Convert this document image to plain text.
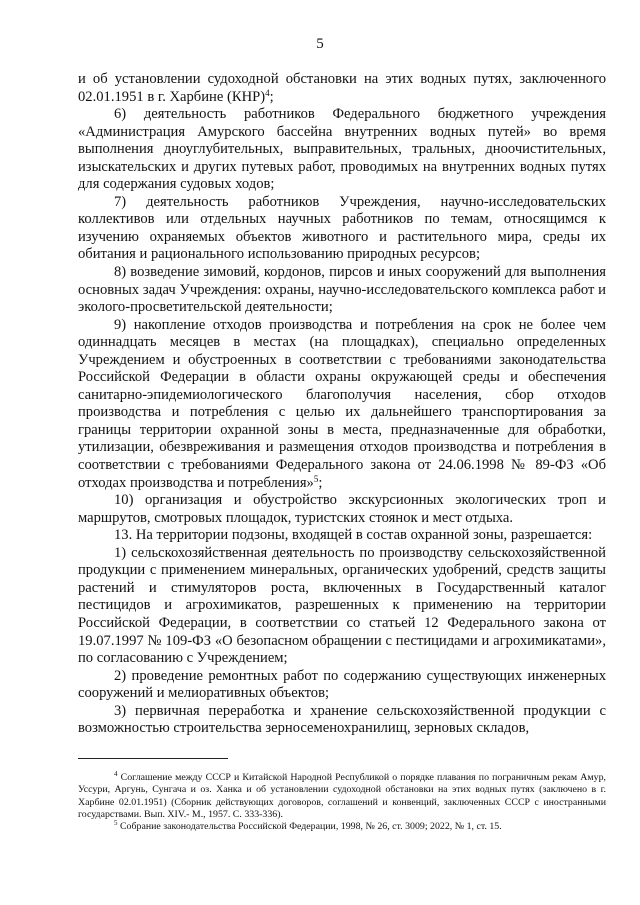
5

и об установлении судоходной обстановки на этих водных путях, заключенного 02.01.1951 в г. Харбине (КНР)$^4$;

6) деятельность работников Федерального бюджетного учреждения «Администрация Амурского бассейна внутренних водных путей» во время выполнения дноуглубительных, выправительных, тральных, дноочистительных, изыскательских и других путевых работ, проводимых на внутренних водных путях для содержания судовых ходов;

7) деятельность работников Учреждения, научно-исследовательских коллективов или отдельных научных работников по темам, относящимся к изучению охраняемых объектов животного и растительного мира, среды их обитания и рационального использованию природных ресурсов;

8) возведение зимовий, кордонов, пирсов и иных сооружений для выполнения основных задач Учреждения: охраны, научно-исследовательского комплекса работ и эколого-просветительской деятельности;

9) накопление отходов производства и потребления на срок не более чем одиннадцать месяцев в местах (на площадках), специально определенных Учреждением и обустроенных в соответствии с требованиями законодательства Российской Федерации в области охраны окружающей среды и обеспечения санитарно-эпидемиологического благополучия населения, сбор отходов производства и потребления с целью их дальнейшего транспортирования за границы территории охранной зоны в места, предназначенные для обработки, утилизации, обезвреживания и размещения отходов производства и потребления в соответствии с требованиями Федерального закона от 24.06.1998 № 89-ФЗ «Об отходах производства и потребления»$^5$;

10) организация и обустройство экскурсионных экологических троп и маршрутов, смотровых площадок, туристских стоянок и мест отдыха.

13. На территории подзоны, входящей в состав охранной зоны, разрешается:

1) сельскохозяйственная деятельность по производству сельскохозяйственной продукции с применением минеральных, органических удобрений, средств защиты растений и стимуляторов роста, включенных в Государственный каталог пестицидов и агрохимикатов, разрешенных к применению на территории Российской Федерации, в соответствии со статьей 12 Федерального закона от 19.07.1997 № 109-ФЗ «О безопасном обращении с пестицидами и агрохимикатами», по согласованию с Учреждением;

2) проведение ремонтных работ по содержанию существующих инженерных сооружений и мелиоративных объектов;

3) первичная переработка и хранение сельскохозяйственной продукции с возможностью строительства зерносеменохранилищ, зерновых складов,

$^4$ Соглашение между СССР и Китайской Народной Республикой о порядке плавания по пограничным рекам Амур, Уссури, Аргунь, Сунгача и оз. Ханка и об установлении судоходной обстановки на этих водных путях (заключено в г. Харбине 02.01.1951) (Сборник действующих договоров, соглашений и конвенций, заключенных СССР с иностранными государствами. Вып. XIV.- М., 1957. С. 333-336).

$^5$ Собрание законодательства Российской Федерации, 1998, № 26, ст. 3009; 2022, № 1, ст. 15.
